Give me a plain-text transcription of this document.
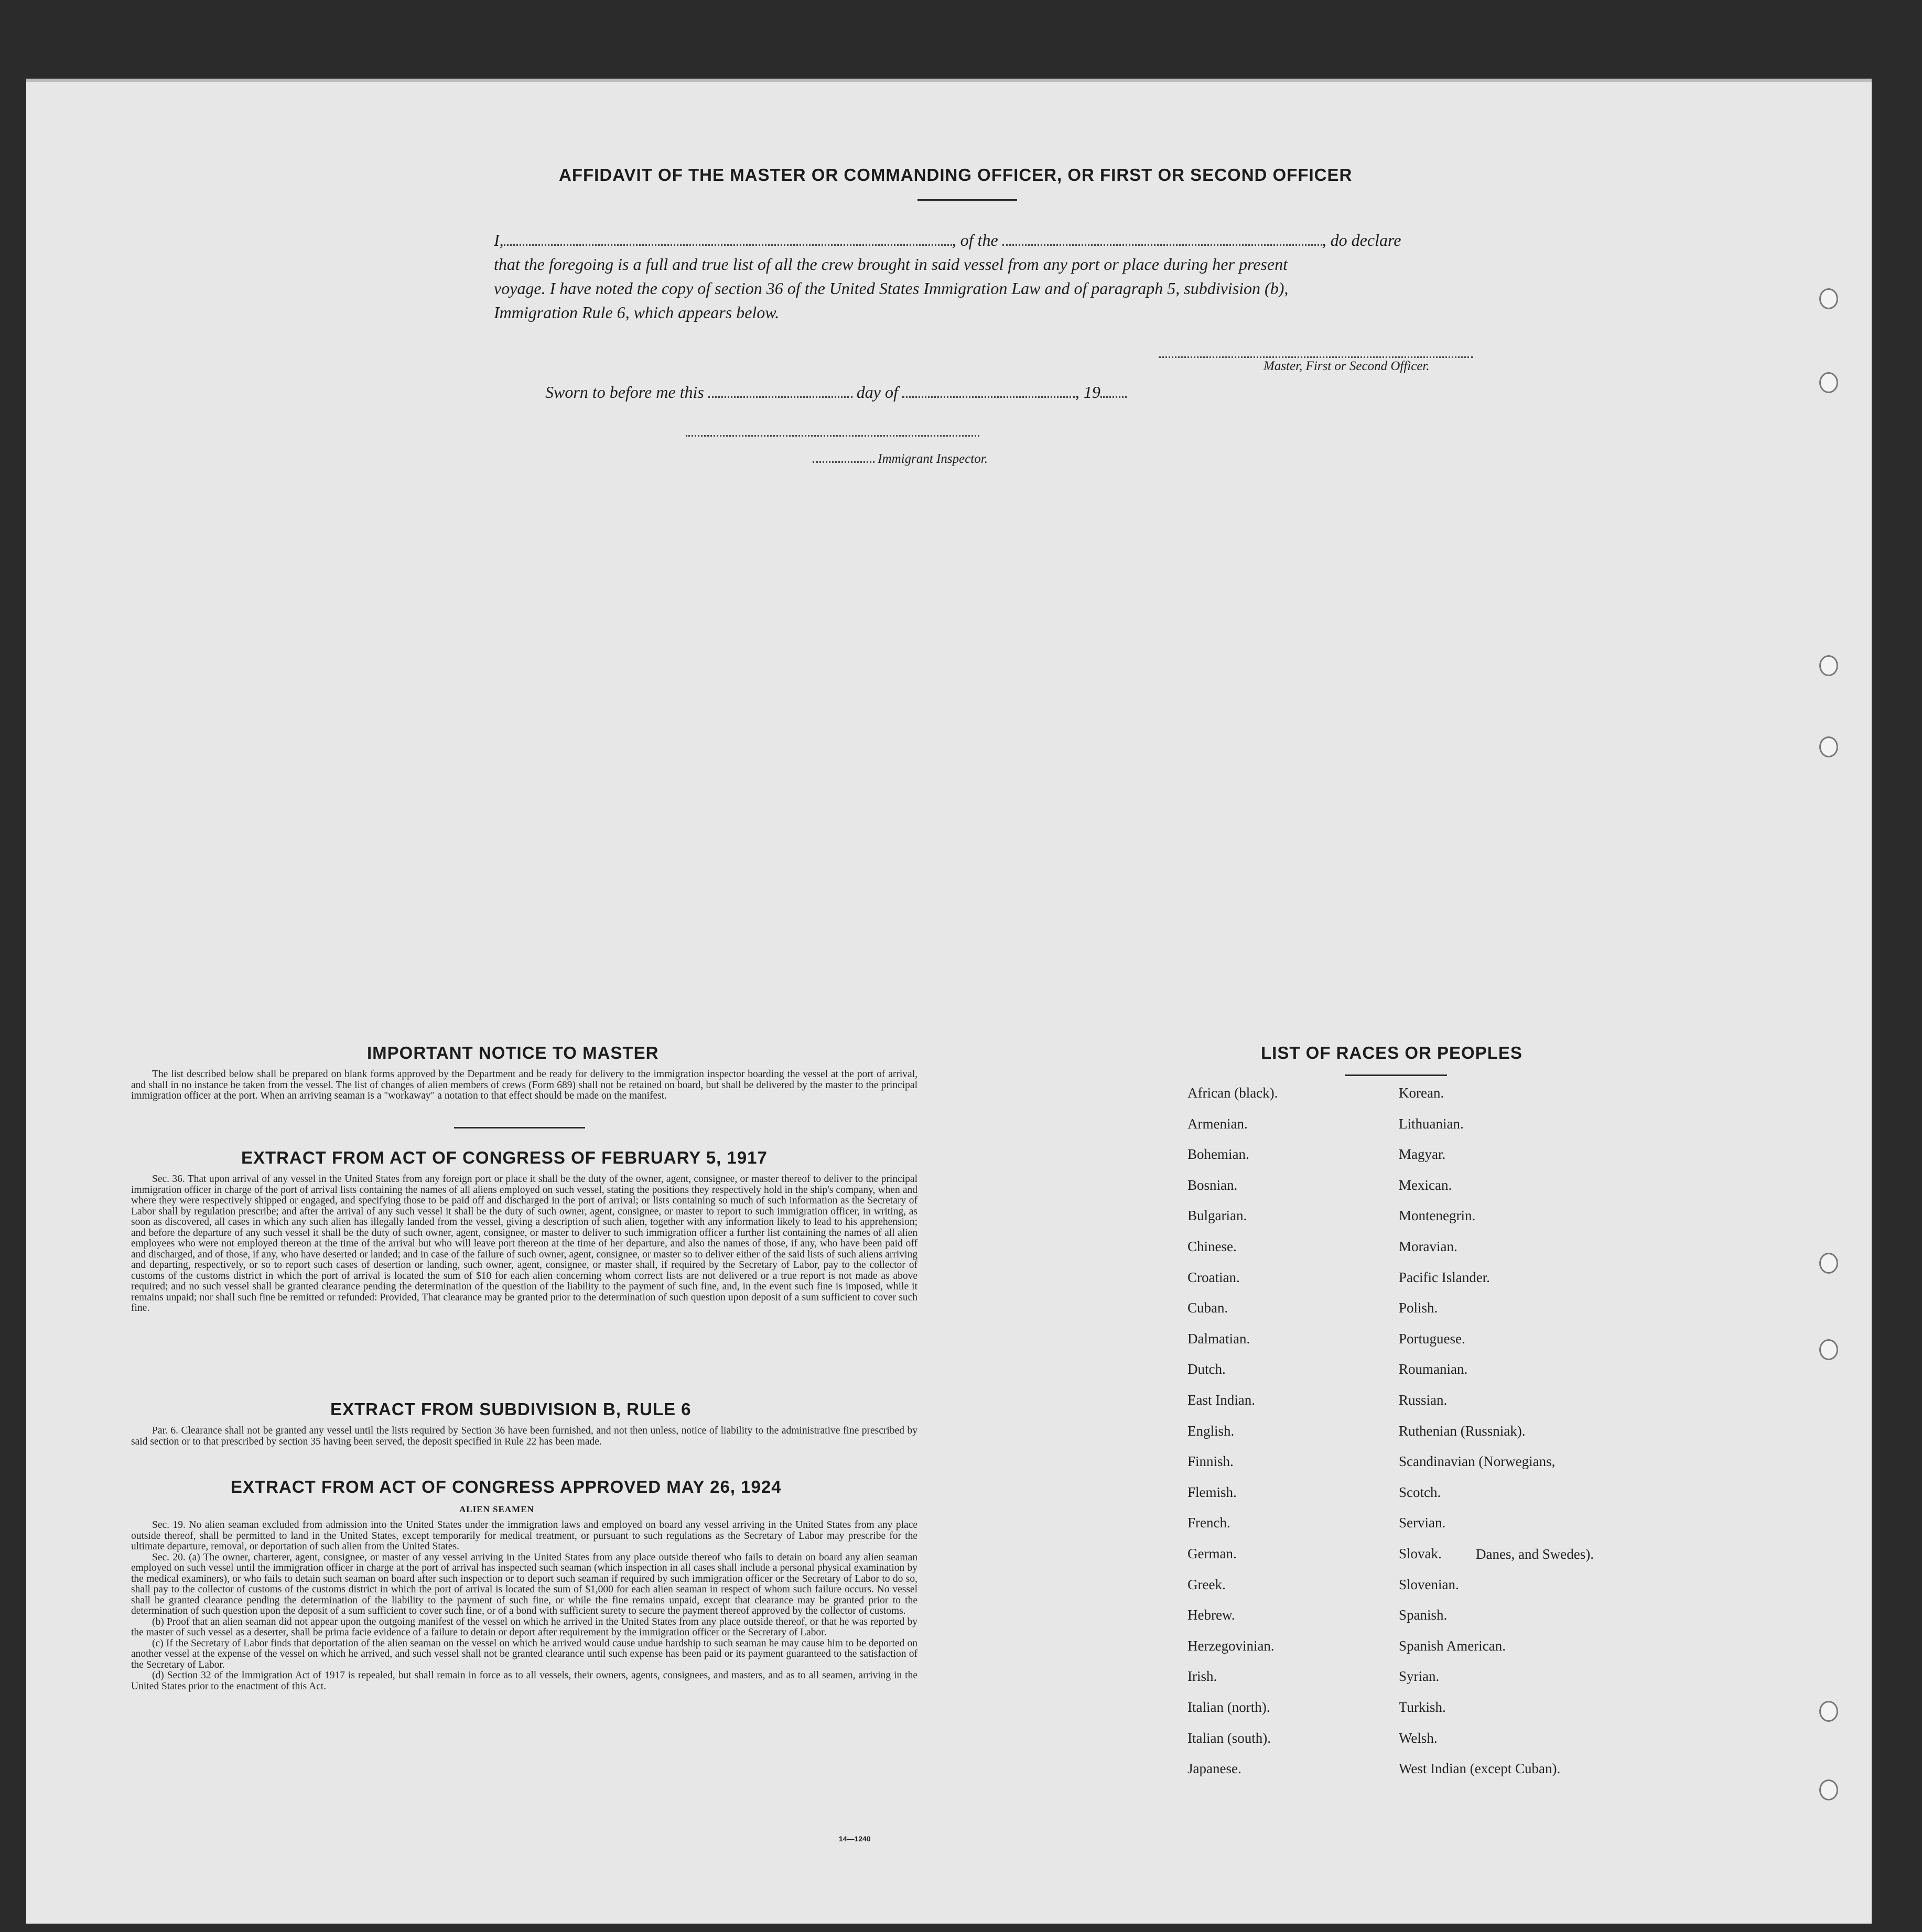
AFFIDAVIT OF THE MASTER OR COMMANDING OFFICER, OR FIRST OR SECOND OFFICER
I,	, of the	, do declare
that the foregoing is a full and true list of all the crew brought in said vessel from any port or place during her present
voyage. I have noted the copy of section 36 of the United States Immigration Law and of paragraph 5, subdivision (b),
Immigration Rule 6, which appears below.
Master, First or Second Officer.
Sworn to before me this	day of	, 19
Immigrant Inspector.
IMPORTANT NOTICE TO MASTER

The list described below shall be prepared on blank forms approved by the Department and be ready for delivery to the immigration inspector boarding the vessel at the port of arrival, and shall in no instance be taken from the vessel. The list of changes of alien members of crews (Form 689) shall not be retained on board, but shall be delivered by the master to the principal immigration officer at the port. When an arriving seaman is a "workaway" a notation to that effect should be made on the manifest.

EXTRACT FROM ACT OF CONGRESS OF FEBRUARY 5, 1917

Sec. 36. That upon arrival of any vessel in the United States from any foreign port or place it shall be the duty of the owner, agent, consignee, or master thereof to deliver to the principal immigration officer in charge of the port of arrival lists containing the names of all aliens employed on such vessel, stating the positions they respectively hold in the ship's company, when and where they were respectively shipped or engaged, and specifying those to be paid off and discharged in the port of arrival; or lists containing so much of such information as the Secretary of Labor shall by regulation prescribe; and after the arrival of any such vessel it shall be the duty of such owner, agent, consignee, or master to report to such immigration officer, in writing, as soon as discovered, all cases in which any such alien has illegally landed from the vessel, giving a description of such alien, together with any information likely to lead to his apprehension; and before the departure of any such vessel it shall be the duty of such owner, agent, consignee, or master to deliver to such immigration officer a further list containing the names of all alien employees who were not employed thereon at the time of the arrival but who will leave port thereon at the time of her departure, and also the names of those, if any, who have been paid off and discharged, and of those, if any, who have deserted or landed; and in case of the failure of such owner, agent, consignee, or master so to deliver either of the said lists of such aliens arriving and departing, respectively, or so to report such cases of desertion or landing, such owner, agent, consignee, or master shall, if required by the Secretary of Labor, pay to the collector of customs of the customs district in which the port of arrival is located the sum of $10 for each alien concerning whom correct lists are not delivered or a true report is not made as above required; and no such vessel shall be granted clearance pending the determination of the question of the liability to the payment of such fine, and, in the event such fine is imposed, while it remains unpaid; nor shall such fine be remitted or refunded: Provided, That clearance may be granted prior to the determination of such question upon deposit of a sum sufficient to cover such fine.

EXTRACT FROM SUBDIVISION B, RULE 6

Par. 6. Clearance shall not be granted any vessel until the lists required by Section 36 have been furnished, and not then unless, notice of liability to the administrative fine prescribed by said section or to that prescribed by section 35 having been served, the deposit specified in Rule 22 has been made.

EXTRACT FROM ACT OF CONGRESS APPROVED MAY 26, 1924
ALIEN SEAMEN

Sec. 19. No alien seaman excluded from admission into the United States under the immigration laws and employed on board any vessel arriving in the United States from any place outside thereof, shall be permitted to land in the United States, except temporarily for medical treatment, or pursuant to such regulations as the Secretary of Labor may prescribe for the ultimate departure, removal, or deportation of such alien from the United States.

Sec. 20. (a) The owner, charterer, agent, consignee, or master of any vessel arriving in the United States from any place outside thereof who fails to detain on board any alien seaman employed on such vessel until the immigration officer in charge at the port of arrival has inspected such seaman (which inspection in all cases shall include a personal physical examination by the medical examiners), or who fails to detain such seaman on board after such inspection or to deport such seaman if required by such immigration officer or the Secretary of Labor to do so, shall pay to the collector of customs of the customs district in which the port of arrival is located the sum of $1,000 for each alien seaman in respect of whom such failure occurs. No vessel shall be granted clearance pending the determination of the liability to the payment of such fine, or while the fine remains unpaid, except that clearance may be granted prior to the determination of such question upon the deposit of a sum sufficient to cover such fine, or of a bond with sufficient surety to secure the payment thereof approved by the collector of customs.

(b) Proof that an alien seaman did not appear upon the outgoing manifest of the vessel on which he arrived in the United States from any place outside thereof, or that he was reported by the master of such vessel as a deserter, shall be prima facie evidence of a failure to detain or deport after requirement by the immigration officer or the Secretary of Labor.

(c) If the Secretary of Labor finds that deportation of the alien seaman on the vessel on which he arrived would cause undue hardship to such seaman he may cause him to be deported on another vessel at the expense of the vessel on which he arrived, and such vessel shall not be granted clearance until such expense has been paid or its payment guaranteed to the satisfaction of the Secretary of Labor.

(d) Section 32 of the Immigration Act of 1917 is repealed, but shall remain in force as to all vessels, their owners, agents, consignees, and masters, and as to all seamen, arriving in the United States prior to the enactment of this Act.

14—1240
LIST OF RACES OR PEOPLES
African (black).
Armenian.
Bohemian.
Bosnian.
Bulgarian.
Chinese.
Croatian.
Cuban.
Dalmatian.
Dutch.
East Indian.
English.
Finnish.
Flemish.
French.
German.
Greek.
Hebrew.
Herzegovinian.
Irish.
Italian (north).
Italian (south).
Japanese.
Korean.
Lithuanian.
Magyar.
Mexican.
Montenegrin.
Moravian.
Pacific Islander.
Polish.
Portuguese.
Roumanian.
Russian.
Ruthenian (Russniak).
Scandinavian (Norwegians,
Scotch.
Servian.
Slovak.
Slovenian.
Spanish.
Spanish American.
Syrian.
Turkish.
Welsh.
West Indian (except Cuban).
Danes, and Swedes).
